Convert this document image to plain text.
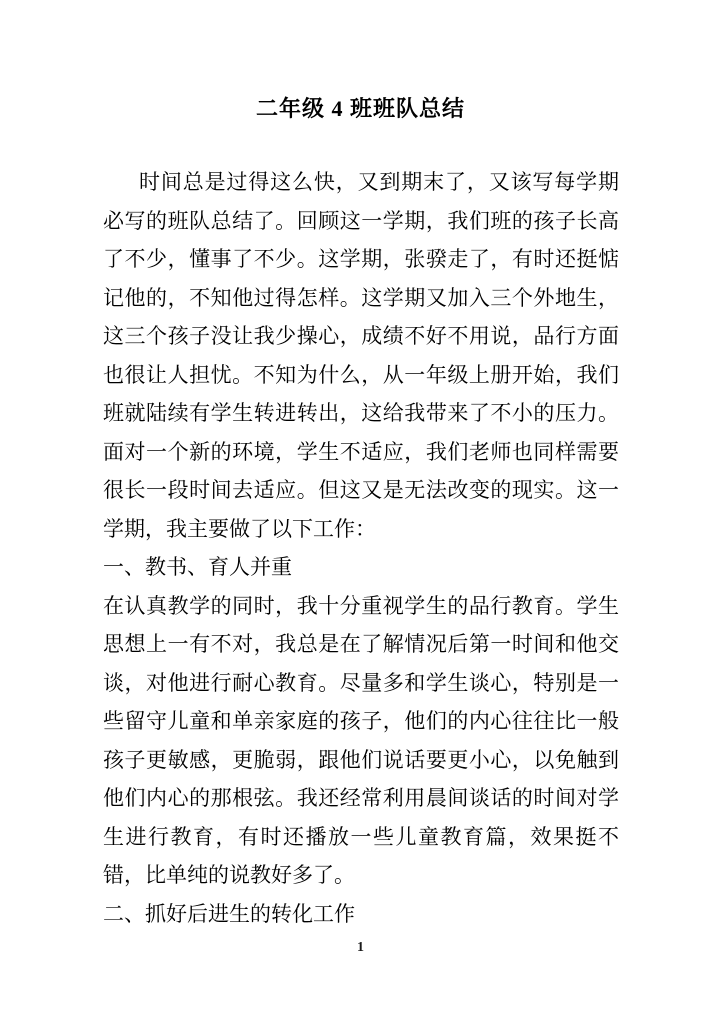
二年级 4 班班队总结

时间总是过得这么快，又到期末了，又该写每学期必写的班队总结了。回顾这一学期，我们班的孩子长高了不少，懂事了不少。这学期，张骙走了，有时还挺惦记他的，不知他过得怎样。这学期又加入三个外地生，这三个孩子没让我少操心，成绩不好不用说，品行方面也很让人担忧。不知为什么，从一年级上册开始，我们班就陆续有学生转进转出，这给我带来了不小的压力。面对一个新的环境，学生不适应，我们老师也同样需要很长一段时间去适应。但这又是无法改变的现实。这一学期，我主要做了以下工作：

一、教书、育人并重

在认真教学的同时，我十分重视学生的品行教育。学生思想上一有不对，我总是在了解情况后第一时间和他交谈，对他进行耐心教育。尽量多和学生谈心，特别是一些留守儿童和单亲家庭的孩子，他们的内心往往比一般孩子更敏感，更脆弱，跟他们说话要更小心，以免触到他们内心的那根弦。我还经常利用晨间谈话的时间对学生进行教育，有时还播放一些儿童教育篇，效果挺不错，比单纯的说教好多了。

二、抓好后进生的转化工作

1
